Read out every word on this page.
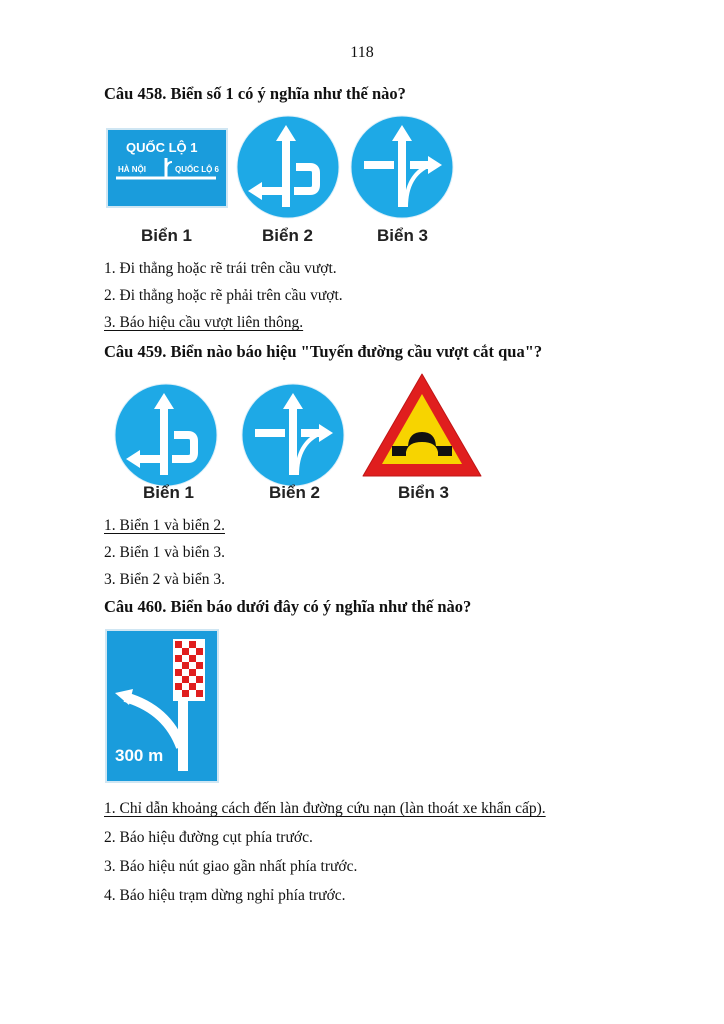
118
Câu 458. Biển số 1 có ý nghĩa như thế nào?
QUỐC LỘ 1
HÀ NỘI	QUỐC LỘ 6
Biển 1	Biển 2	Biển 3
1. Đi thẳng hoặc rẽ trái trên cầu vượt.
2. Đi thẳng hoặc rẽ phải trên cầu vượt.
3. Báo hiệu cầu vượt liên thông.
Câu 459. Biển nào báo hiệu "Tuyến đường cầu vượt cắt qua"?
Biển 1	Biển 2	Biển 3
1. Biển 1 và biển 2.
2. Biển 1 và biển 3.
3. Biển 2 và biển 3.
Câu 460. Biển báo dưới đây có ý nghĩa như thế nào?
300 m
1. Chỉ dẫn khoảng cách đến làn đường cứu nạn (làn thoát xe khẩn cấp).
2. Báo hiệu đường cụt phía trước.
3. Báo hiệu nút giao gần nhất phía trước.
4. Báo hiệu trạm dừng nghỉ phía trước.
